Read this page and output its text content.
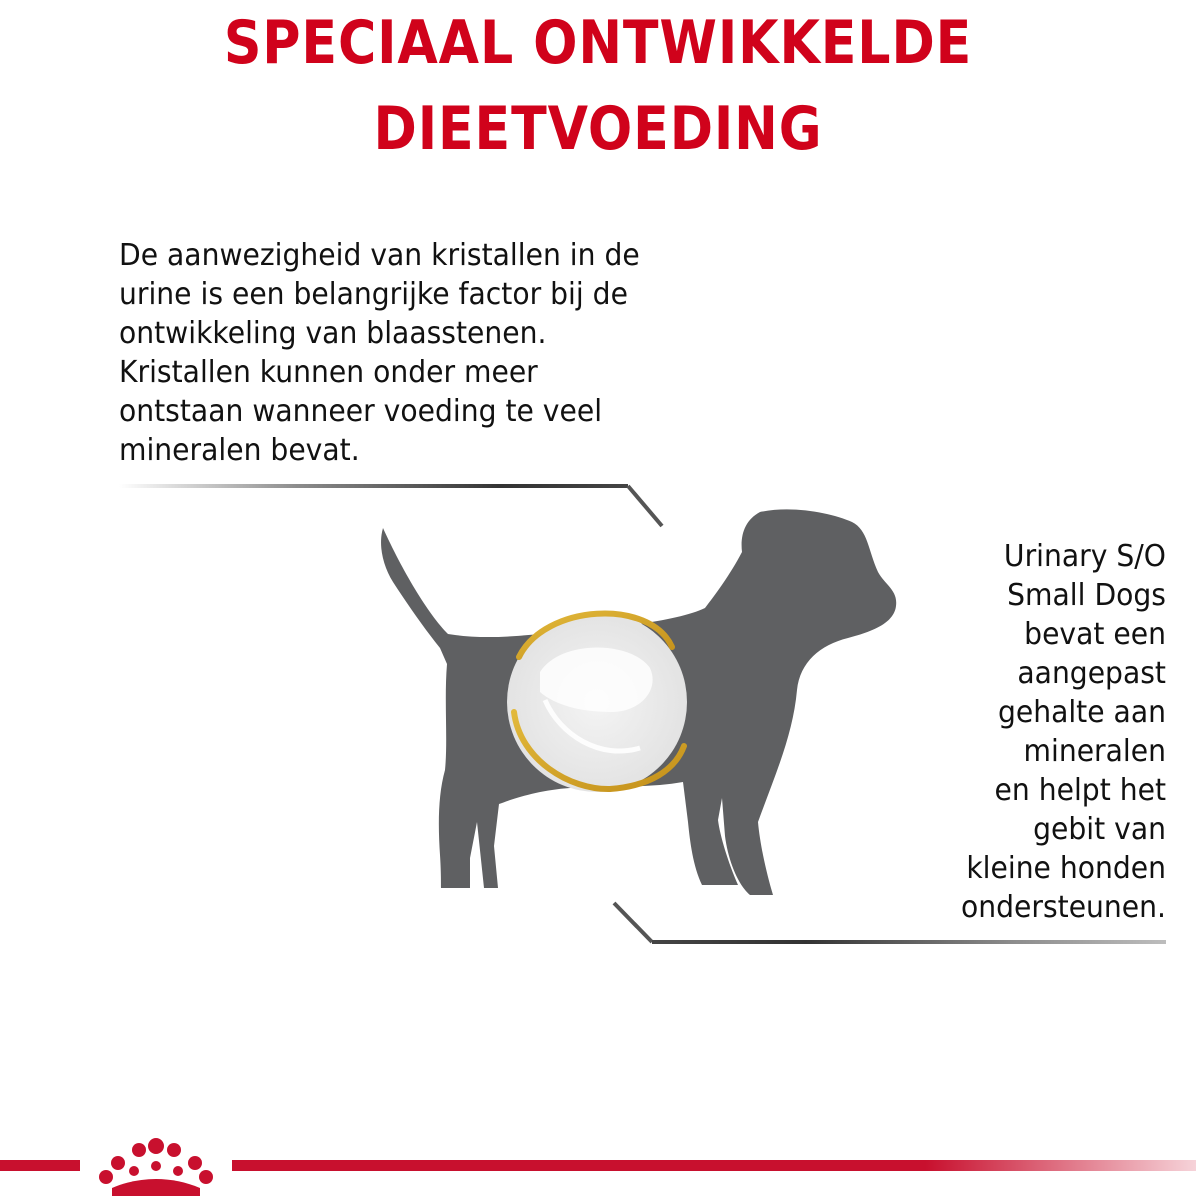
SPECIAAL ONTWIKKELDE
DIEETVOEDING
De aanwezigheid van kristallen in de urine is een belangrijke factor bij de ontwikkeling van blaasstenen. Kristallen kunnen onder meer ontstaan wanneer voeding te veel mineralen bevat.
Urinary S/O
Small Dogs
bevat een
aangepast
gehalte aan
mineralen
en helpt het
gebit van
kleine honden
ondersteunen.
